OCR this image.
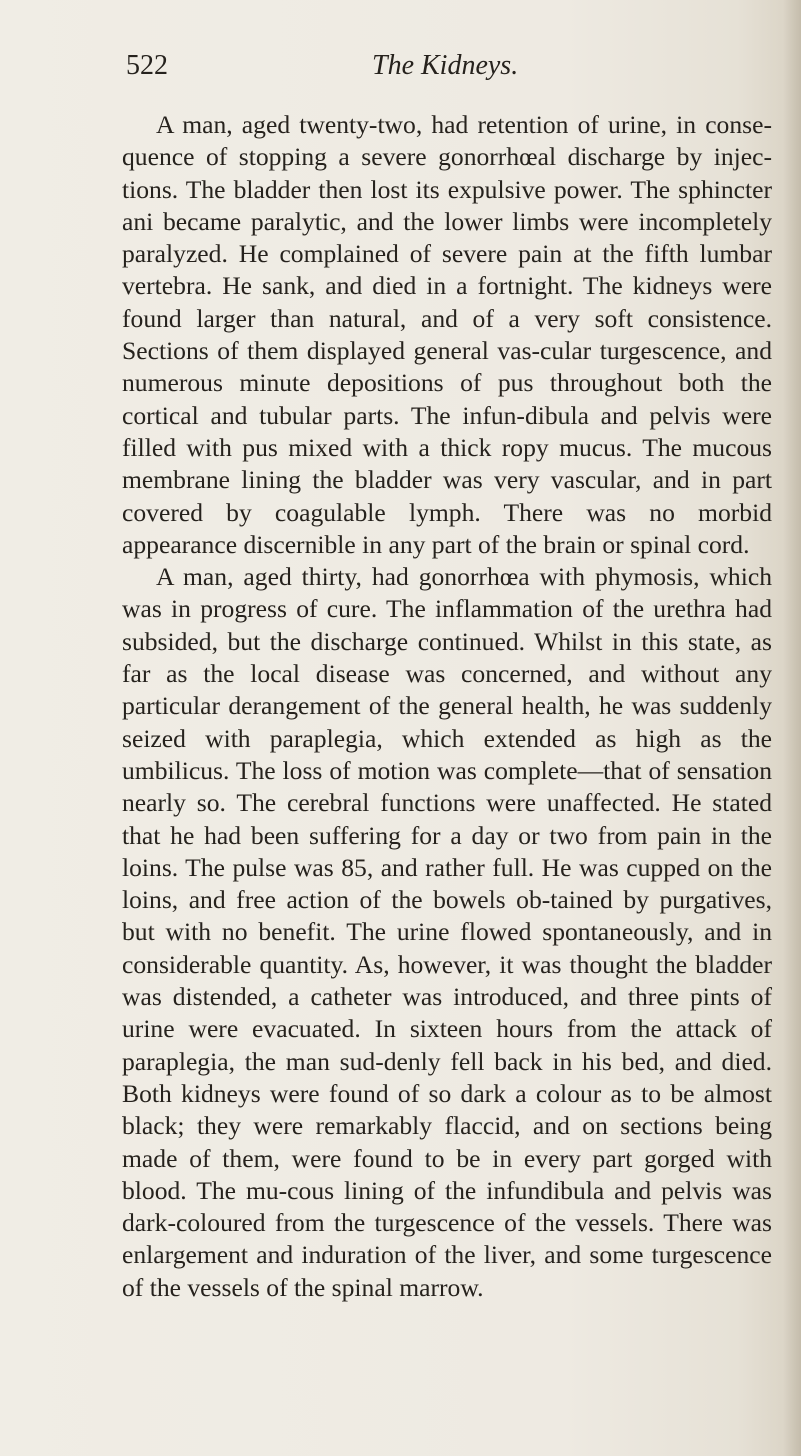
522	The Kidneys.

A man, aged twenty-two, had retention of urine, in conse-quence of stopping a severe gonorrhœal discharge by injec-tions. The bladder then lost its expulsive power. The sphincter ani became paralytic, and the lower limbs were incompletely paralyzed. He complained of severe pain at the fifth lumbar vertebra. He sank, and died in a fortnight. The kidneys were found larger than natural, and of a very soft consistence. Sections of them displayed general vas-cular turgescence, and numerous minute depositions of pus throughout both the cortical and tubular parts. The infun-dibula and pelvis were filled with pus mixed with a thick ropy mucus. The mucous membrane lining the bladder was very vascular, and in part covered by coagulable lymph. There was no morbid appearance discernible in any part of the brain or spinal cord.

A man, aged thirty, had gonorrhœa with phymosis, which was in progress of cure. The inflammation of the urethra had subsided, but the discharge continued. Whilst in this state, as far as the local disease was concerned, and without any particular derangement of the general health, he was suddenly seized with paraplegia, which extended as high as the umbilicus. The loss of motion was complete—that of sensation nearly so. The cerebral functions were unaffected. He stated that he had been suffering for a day or two from pain in the loins. The pulse was 85, and rather full. He was cupped on the loins, and free action of the bowels ob-tained by purgatives, but with no benefit. The urine flowed spontaneously, and in considerable quantity. As, however, it was thought the bladder was distended, a catheter was introduced, and three pints of urine were evacuated. In sixteen hours from the attack of paraplegia, the man sud-denly fell back in his bed, and died. Both kidneys were found of so dark a colour as to be almost black; they were remarkably flaccid, and on sections being made of them, were found to be in every part gorged with blood. The mu-cous lining of the infundibula and pelvis was dark-coloured from the turgescence of the vessels. There was enlargement and induration of the liver, and some turgescence of the vessels of the spinal marrow.
